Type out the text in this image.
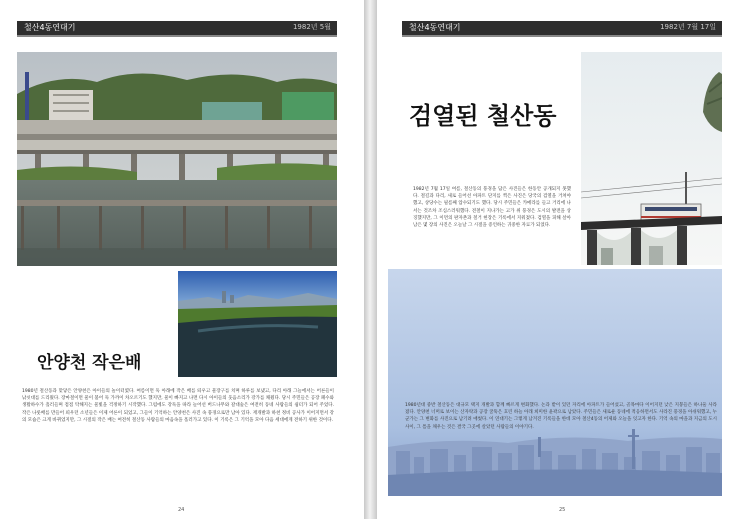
철산4동연대기	1982년 5월
안양천 작은배

1980년 철산동과 맞닿은 안양천은 아이들의 놀이터였다. 여름이면 둑 아래에 작은 배를 띄우고 물장구를 치며 하루를 보냈고, 다리 아래 그늘에서는 어른들이 낚싯대를 드리웠다. 장마철이면 물이 불어 둑 가까이 차오르기도 했지만, 물이 빠지고 나면 다시 아이들의 웃음소리가 강가를 채웠다. 당시 주민들은 공장 폐수와 생활하수가 흘러들며 점점 탁해지는 물빛을 걱정하기 시작했다. 그럼에도 강둑을 따라 늘어선 버드나무와 갈대숲은 여전히 동네 사람들의 쉼터가 되어 주었다. 작은 나룻배를 만들어 띄우던 소년들은 이제 어른이 되었고, 그들이 기억하는 안양천은 사진 속 풍경으로만 남아 있다. 재개발과 하천 정비 공사가 이어지면서 강의 모습은 크게 바뀌었지만, 그 시절의 작은 배는 여전히 철산동 사람들의 마음속을 흘러가고 있다. 이 기록은 그 기억을 모아 다음 세대에게 전하기 위한 것이다.

24
철산4동연대기	1982년 7월 17일
검열된 철산동

1982년 7월 17일 여름, 철산동의 풍경을 담은 사진들은 한동안 공개되지 못했다. 철길과 다리, 새로 들어선 아파트 단지를 찍은 사진은 당국의 검열을 거쳐야 했고, 상당수는 필름째 압수되기도 했다. 당시 주민들은 카메라를 들고 거리에 나서는 것조차 조심스러워했다. 전철이 지나가는 고가 위 풍경은 도시의 발전을 상징했지만, 그 이면의 판자촌과 철거 현장은 기록에서 지워졌다. 검열을 피해 살아남은 몇 장의 사진은 오늘날 그 시절을 증언하는 귀중한 자료가 되었다.

1980년대 중반 철산동은 대규모 택지 개발과 함께 빠르게 변화했다. 논과 밭이 있던 자리에 아파트가 들어섰고, 골목마다 이어지던 낮은 지붕들은 하나둘 사라졌다. 안양천 너머로 보이는 산자락과 공장 굴뚝은 흐린 하늘 아래 희미한 윤곽으로 남았다. 주민들은 새로운 동네에 적응하면서도 사라진 풍경을 아쉬워했고, 누군가는 그 변화를 사진으로 남기려 애썼다. 이 연대기는 그렇게 남겨진 기록들을 한데 모아 철산4동의 어제와 오늘을 잇고자 한다. 기억 속의 마을과 지금의 도시 사이, 그 틈을 채우는 것은 결국 그곳에 살았던 사람들의 이야기다.

25
